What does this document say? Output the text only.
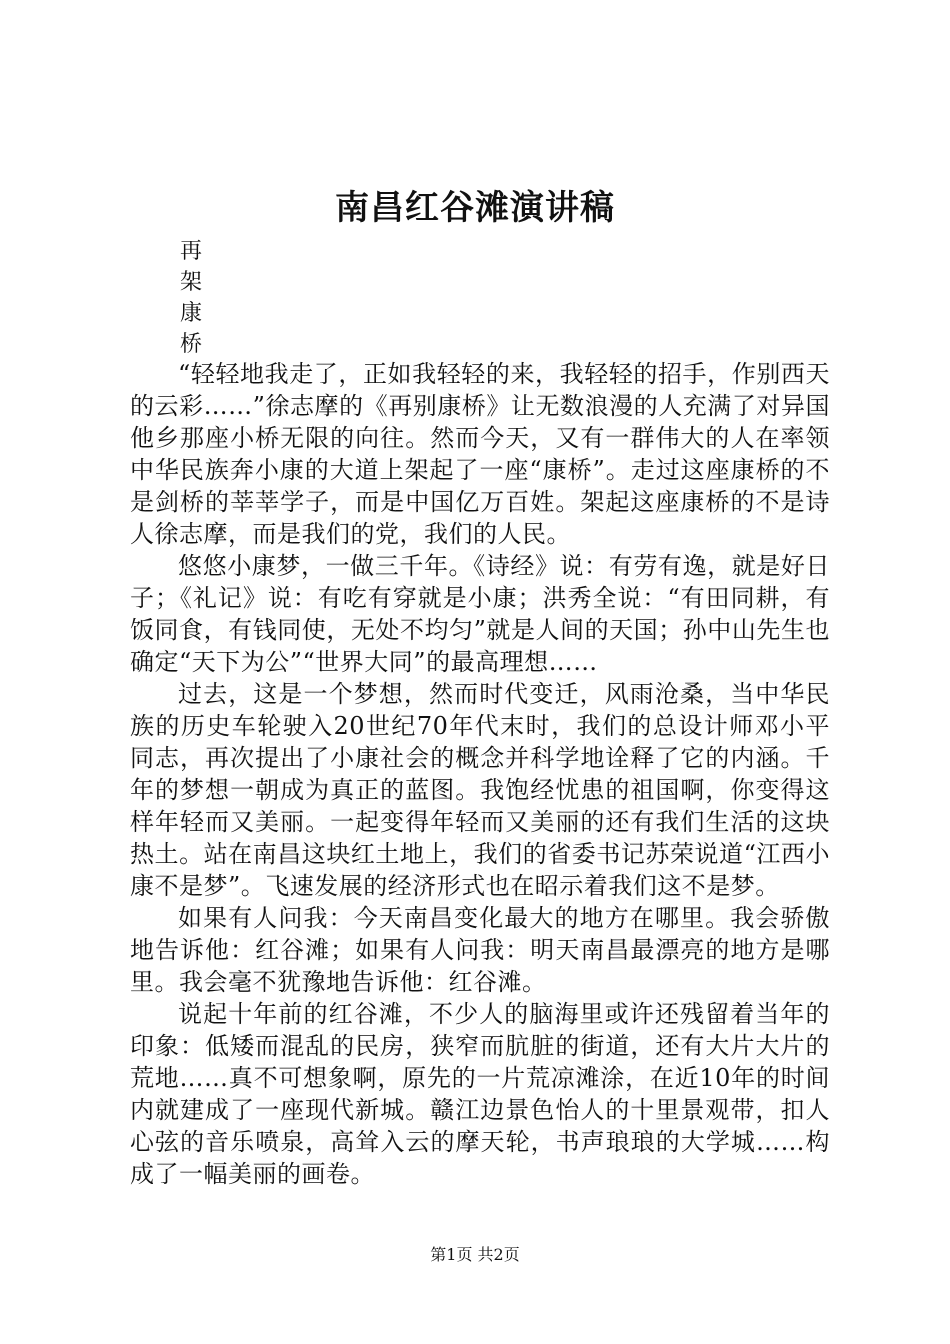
南昌红谷滩演讲稿
再
架
康
桥

“轻轻地我走了，正如我轻轻的来，我轻轻的招手，作别西天的云彩……”徐志摩的《再别康桥》让无数浪漫的人充满了对异国他乡那座小桥无限的向往。然而今天，又有一群伟大的人在率领中华民族奔小康的大道上架起了一座“康桥”。走过这座康桥的不是剑桥的莘莘学子，而是中国亿万百姓。架起这座康桥的不是诗人徐志摩，而是我们的党，我们的人民。

悠悠小康梦，一做三千年。《诗经》说：有劳有逸，就是好日子；《礼记》说：有吃有穿就是小康；洪秀全说：“有田同耕，有饭同食，有钱同使，无处不均匀”就是人间的天国；孙中山先生也确定“天下为公”“世界大同”的最高理想……

过去，这是一个梦想，然而时代变迁，风雨沧桑，当中华民族的历史车轮驶入20世纪70年代末时，我们的总设计师邓小平同志，再次提出了小康社会的概念并科学地诠释了它的内涵。千年的梦想一朝成为真正的蓝图。我饱经忧患的祖国啊，你变得这样年轻而又美丽。一起变得年轻而又美丽的还有我们生活的这块热土。站在南昌这块红土地上，我们的省委书记苏荣说道“江西小康不是梦”。飞速发展的经济形式也在昭示着我们这不是梦。

如果有人问我：今天南昌变化最大的地方在哪里。我会骄傲地告诉他：红谷滩；如果有人问我：明天南昌最漂亮的地方是哪里。我会毫不犹豫地告诉他：红谷滩。

说起十年前的红谷滩，不少人的脑海里或许还残留着当年的印象：低矮而混乱的民房，狭窄而肮脏的街道，还有大片大片的荒地……真不可想象啊，原先的一片荒凉滩涂，在近10年的时间内就建成了一座现代新城。赣江边景色怡人的十里景观带，扣人心弦的音乐喷泉，高耸入云的摩天轮，书声琅琅的大学城……构成了一幅美丽的画卷。

第1页 共2页
